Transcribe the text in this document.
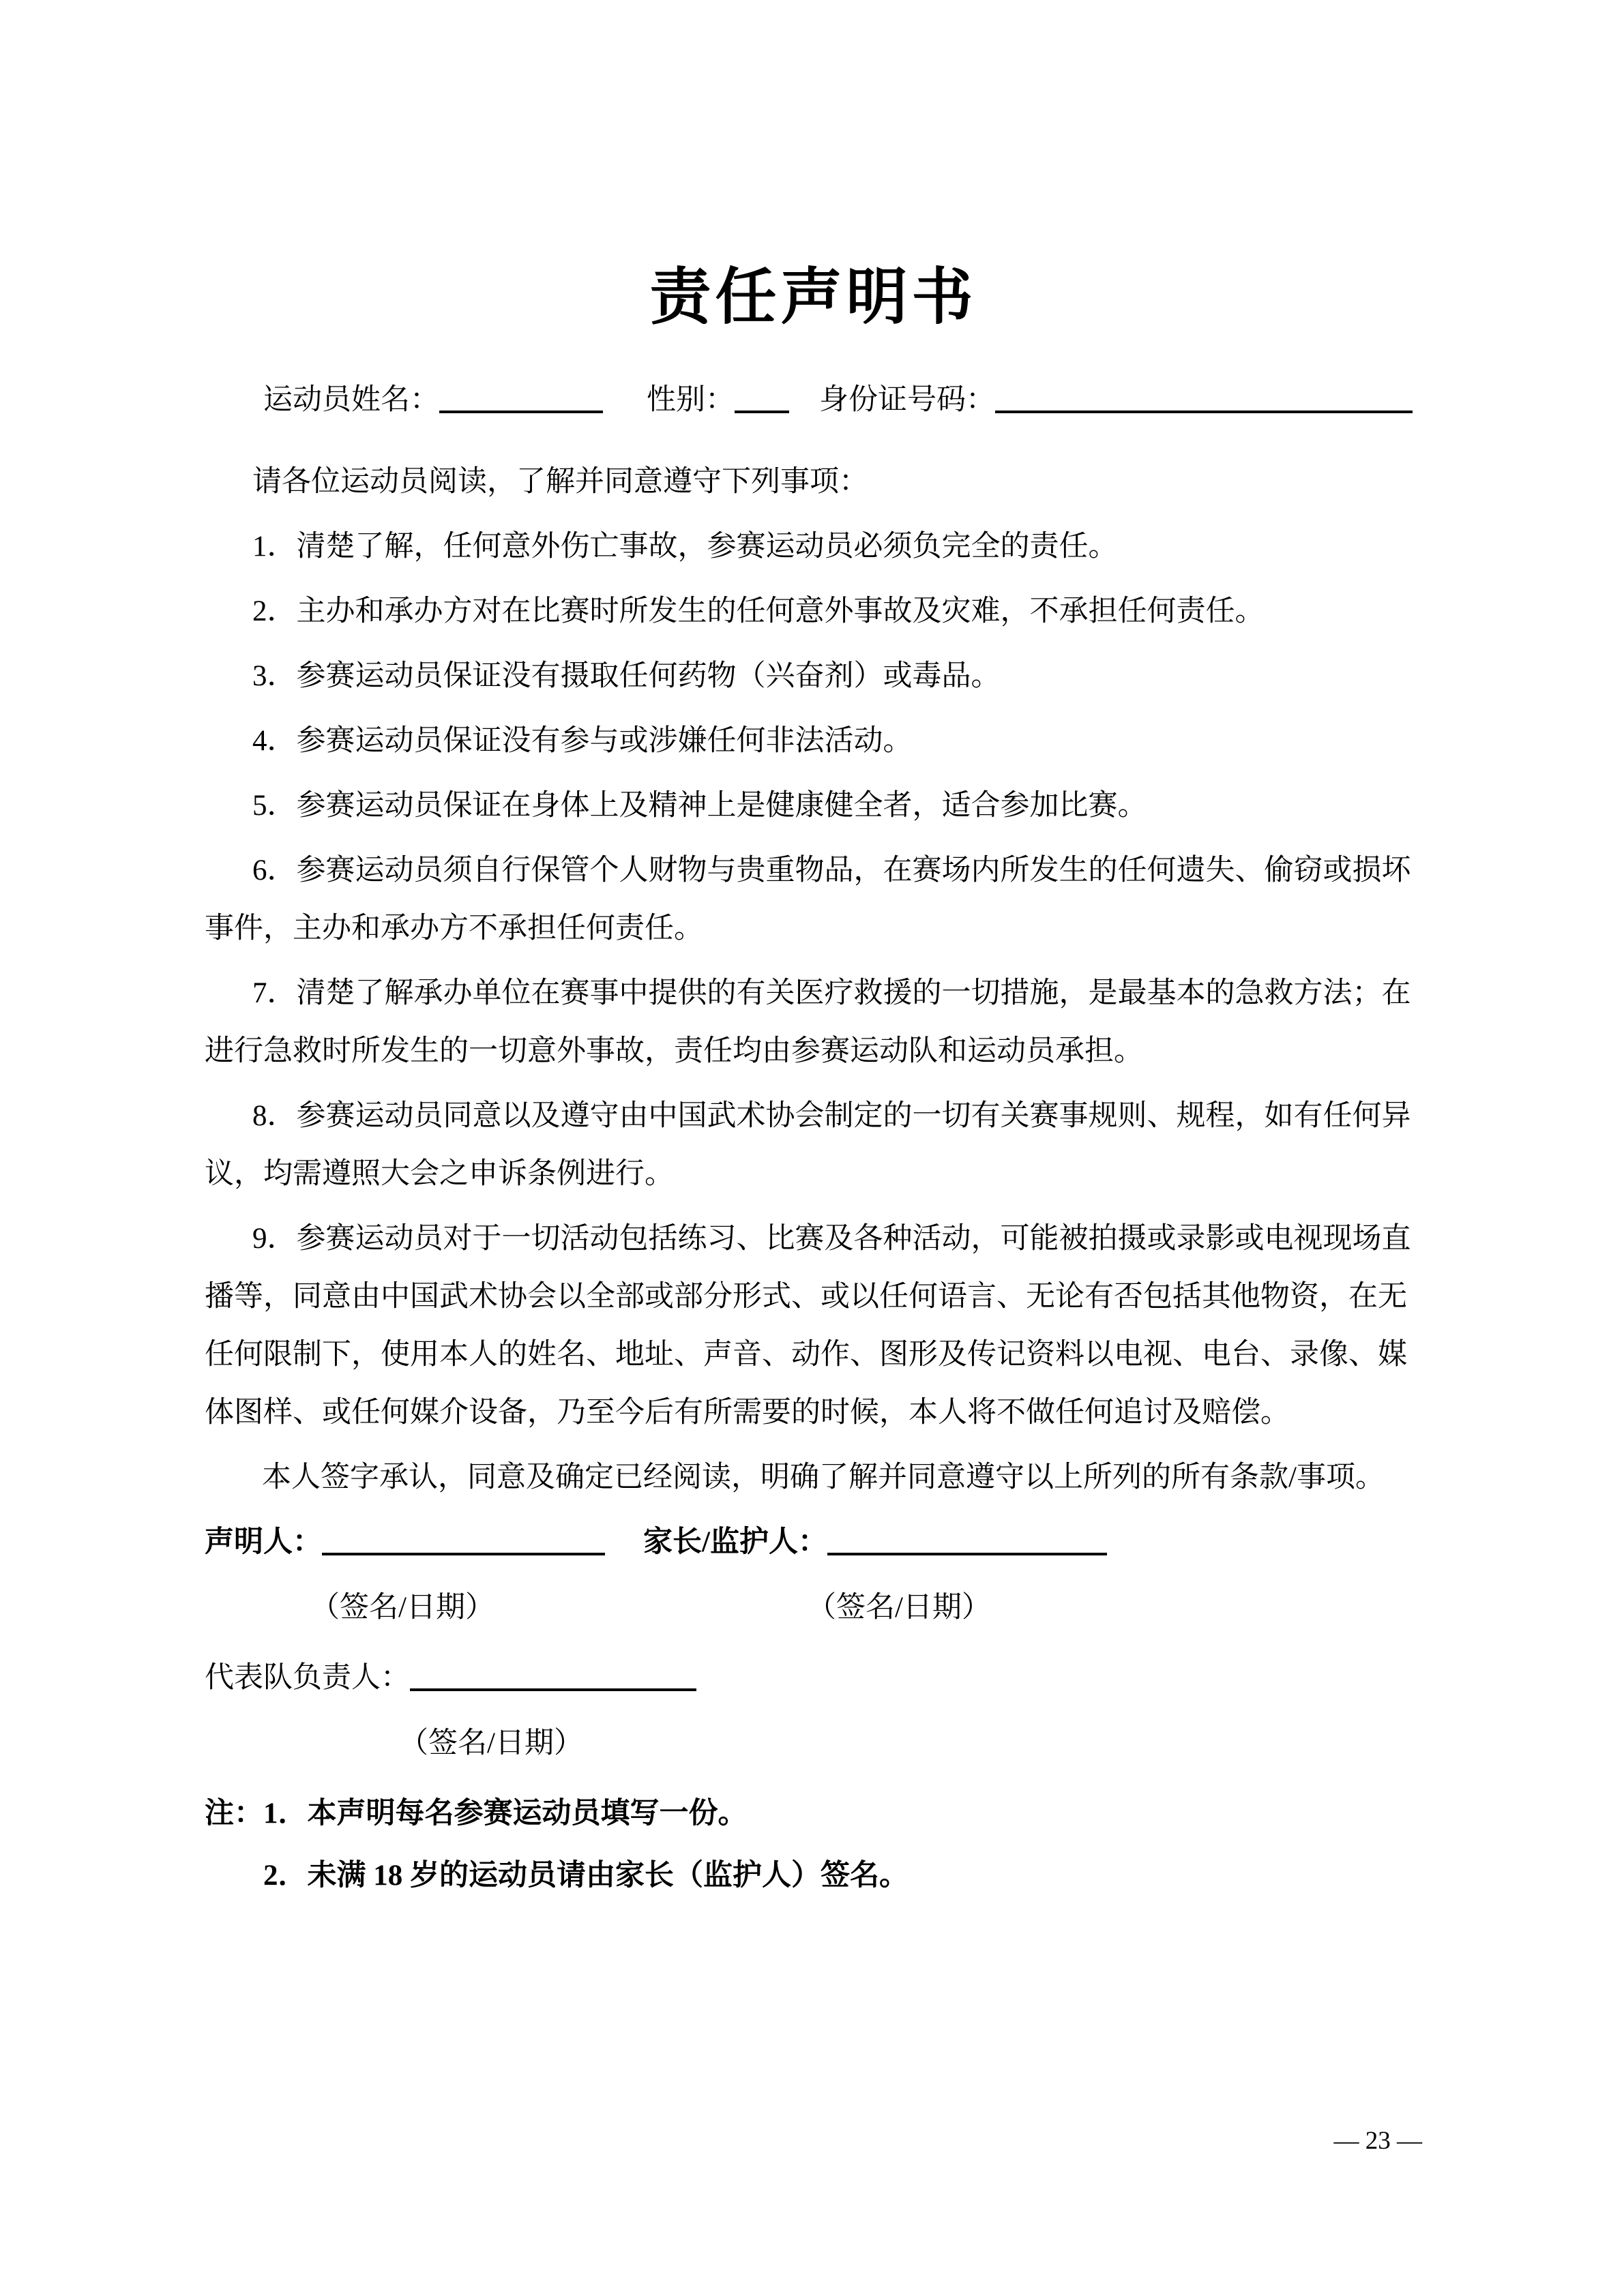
责任声明书
运动员姓名：	性别：	身份证号码：

请各位运动员阅读，了解并同意遵守下列事项：

1．清楚了解，任何意外伤亡事故，参赛运动员必须负完全的责任。

2．主办和承办方对在比赛时所发生的任何意外事故及灾难，不承担任何责任。

3．参赛运动员保证没有摄取任何药物（兴奋剂）或毒品。

4．参赛运动员保证没有参与或涉嫌任何非法活动。

5．参赛运动员保证在身体上及精神上是健康健全者，适合参加比赛。

6．参赛运动员须自行保管个人财物与贵重物品，在赛场内所发生的任何遗失、偷窃或损坏事件，主办和承办方不承担任何责任。

7．清楚了解承办单位在赛事中提供的有关医疗救援的一切措施，是最基本的急救方法；在进行急救时所发生的一切意外事故，责任均由参赛运动队和运动员承担。

8．参赛运动员同意以及遵守由中国武术协会制定的一切有关赛事规则、规程，如有任何异议，均需遵照大会之申诉条例进行。

9．参赛运动员对于一切活动包括练习、比赛及各种活动，可能被拍摄或录影或电视现场直播等，同意由中国武术协会以全部或部分形式、或以任何语言、无论有否包括其他物资，在无任何限制下，使用本人的姓名、地址、声音、动作、图形及传记资料以电视、电台、录像、媒体图样、或任何媒介设备，乃至今后有所需要的时候，本人将不做任何追讨及赔偿。

本人签字承认，同意及确定已经阅读，明确了解并同意遵守以上所列的所有条款/事项。

声明人：	家长/监护人：
（签名/日期）	（签名/日期）
代表队负责人：
（签名/日期）

注：1．本声明每名参赛运动员填写一份。

2．未满 18 岁的运动员请由家长（监护人）签名。

— 23 —
